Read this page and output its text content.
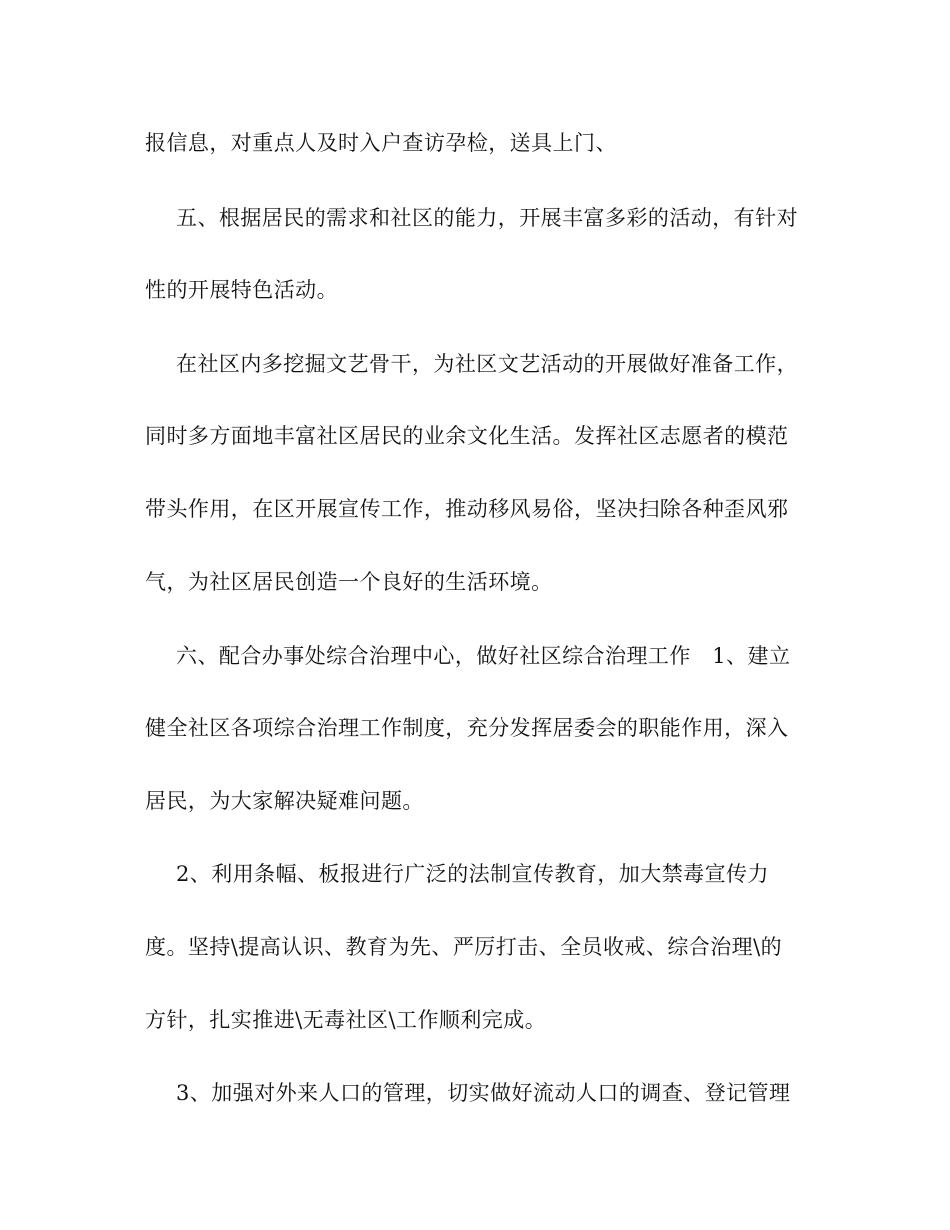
报信息，对重点人及时入户查访孕检，送具上门、

五、根据居民的需求和社区的能力，开展丰富多彩的活动，有针对

性的开展特色活动。

在社区内多挖掘文艺骨干，为社区文艺活动的开展做好准备工作，

同时多方面地丰富社区居民的业余文化生活。发挥社区志愿者的模范

带头作用，在区开展宣传工作，推动移风易俗，坚决扫除各种歪风邪

气，为社区居民创造一个良好的生活环境。

六、配合办事处综合治理中心，做好社区综合治理工作　1、建立

健全社区各项综合治理工作制度，充分发挥居委会的职能作用，深入

居民，为大家解决疑难问题。

2、利用条幅、板报进行广泛的法制宣传教育，加大禁毒宣传力

度。坚持\提高认识、教育为先、严厉打击、全员收戒、综合治理\的

方针，扎实推进\无毒社区\工作顺利完成。

3、加强对外来人口的管理，切实做好流动人口的调查、登记管理
